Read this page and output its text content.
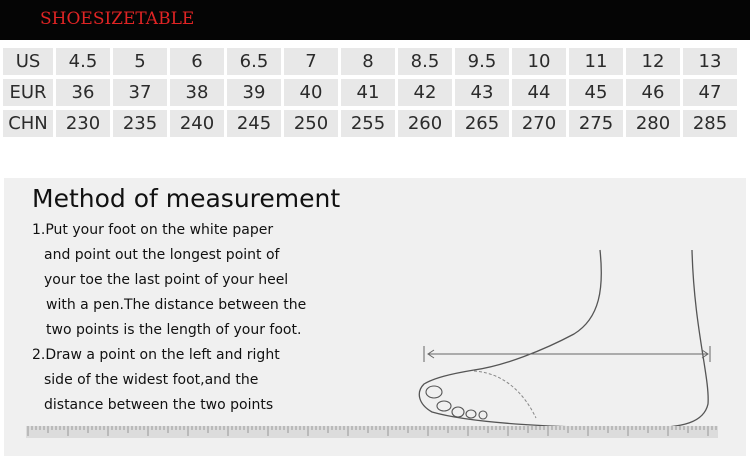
SHOESIZETABLE
US	4.5	5	6	6.5	7	8	8.5	9.5	10	11	12	13
EUR	36	37	38	39	40	41	42	43	44	45	46	47
CHN	230	235	240	245	250	255	260	265	270	275	280	285
Method of measurement

1.Put your foot on the white paper

and point out the longest point of

your toe the last point of your heel

with a pen.The distance between the

two points is the length of your foot.

2.Draw a point on the left and right

side of the widest foot,and the

distance between the two points
